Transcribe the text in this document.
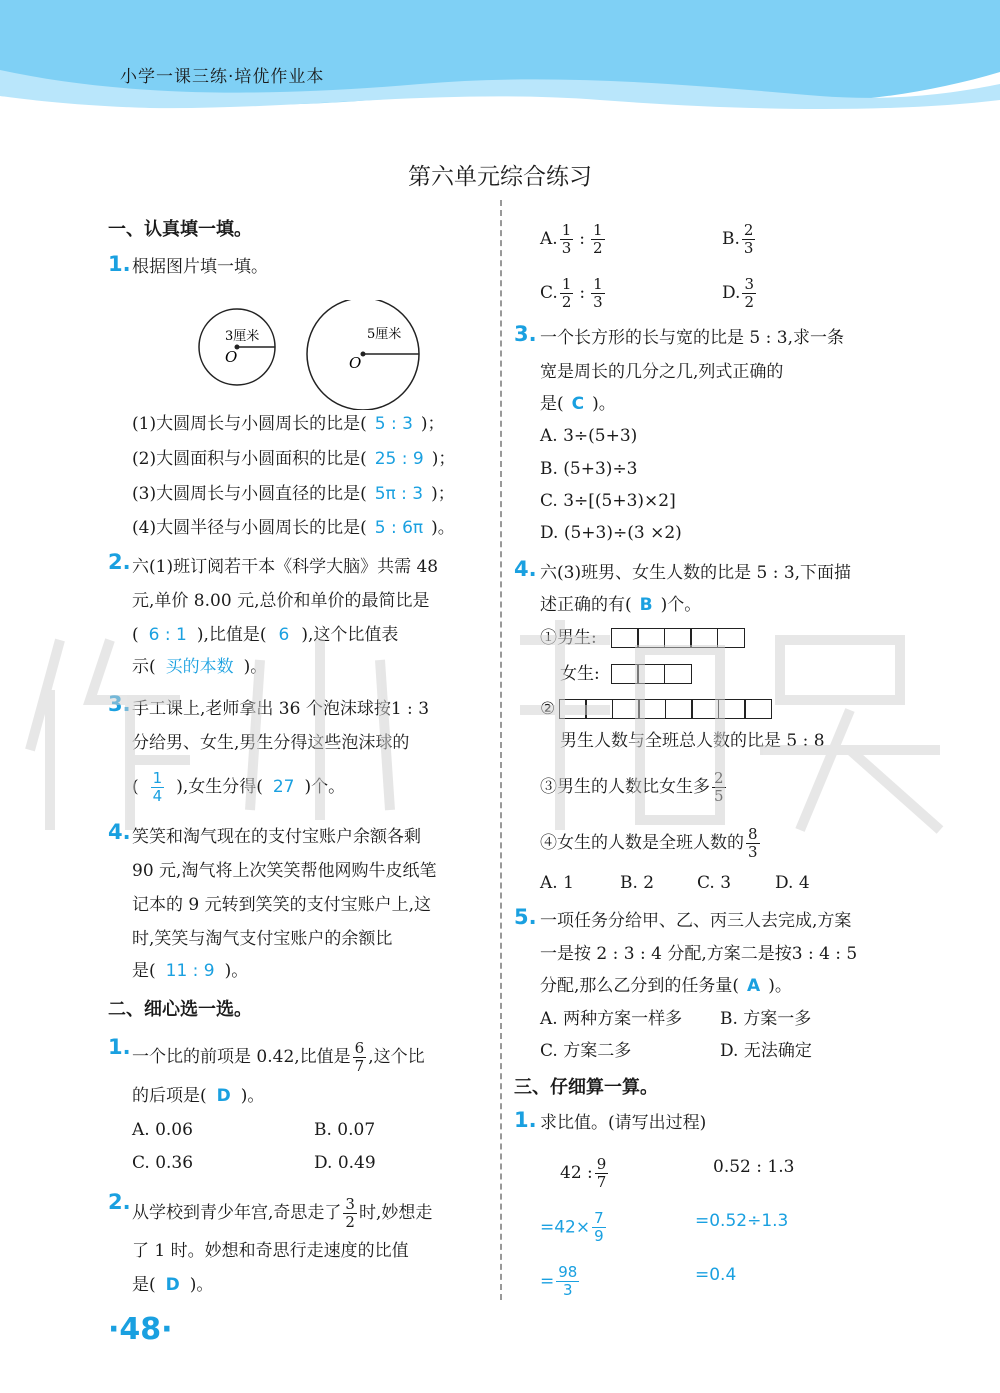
小学一课三练·培优作业本
第六单元综合练习
一、认真填一填。
1. 根据图片填一填。
3厘米	5厘米
O	O
(1)大圆周长与小圆周长的比是( 5 : 3 )；
(2)大圆面积与小圆面积的比是( 25 : 9 )；
(3)大圆周长与小圆直径的比是( 5π : 3 )；
(4)大圆半径与小圆周长的比是( 5 : 6π )。
2. 六(1)班订阅若干本《科学大脑》共需 48
元,单价 8.00 元,总价和单价的最简比是
( 6 : 1 ),比值是( 6 ),这个比值表
示( 买的本数 )。
3. 手工课上,老师拿出 36 个泡沫球按1 : 3
分给男、女生,男生分得这些泡沫球的
( $\frac{1}{4}$ ),女生分得( 27 )个。
4. 笑笑和淘气现在的支付宝账户余额各剩
90 元,淘气将上次笑笑帮他网购牛皮纸笔
记本的 9 元转到笑笑的支付宝账户上,这
时,笑笑与淘气支付宝账户的余额比
是( 11 : 9 )。
二、细心选一选。
1. 一个比的前项是 0.42,比值是 $\frac{6}{7}$ ,这个比
的后项是( D )。
A. 0.06	B. 0.07
C. 0.36	D. 0.49
2. 从学校到青少年宫,奇思走了 $\frac{3}{2}$ 时,妙想走
了 1 时。妙想和奇思行走速度的比值
是( D )。
·48·
A. $\frac{1}{3}$ : $\frac{1}{2}$	B. $\frac{2}{3}$
C. $\frac{1}{2}$ : $\frac{1}{3}$	D. $\frac{3}{2}$
3. 一个长方形的长与宽的比是 5 : 3,求一条
宽是周长的几分之几,列式正确的
是( C )。
A. 3÷(5+3)
B. (5+3)÷3
C. 3÷[(5+3)×2]
D. (5+3)÷(3 ×2)
4. 六(3)班男、女生人数的比是 5 : 3,下面描
述正确的有( B )个。
①男生:
女生:
②
男生人数与全班总人数的比是 5 : 8
③男生的人数比女生多 $\frac{2}{5}$
④女生的人数是全班人数的 $\frac{8}{3}$
A. 1	B. 2	C. 3	D. 4
5. 一项任务分给甲、乙、丙三人去完成,方案
一是按 2 : 3 : 4 分配,方案二是按3 : 4 : 5
分配,那么乙分到的任务量( A )。
A. 两种方案一样多 B. 方案一多
C. 方案二多	D. 无法确定
三、仔细算一算。
1. 求比值。(请写出过程)
42 : $\frac{9}{7}$	0.52 : 1.3
$=42\times \frac{7}{9}$	=0.52÷1.3
= $\frac{98}{3}$	=0.4
